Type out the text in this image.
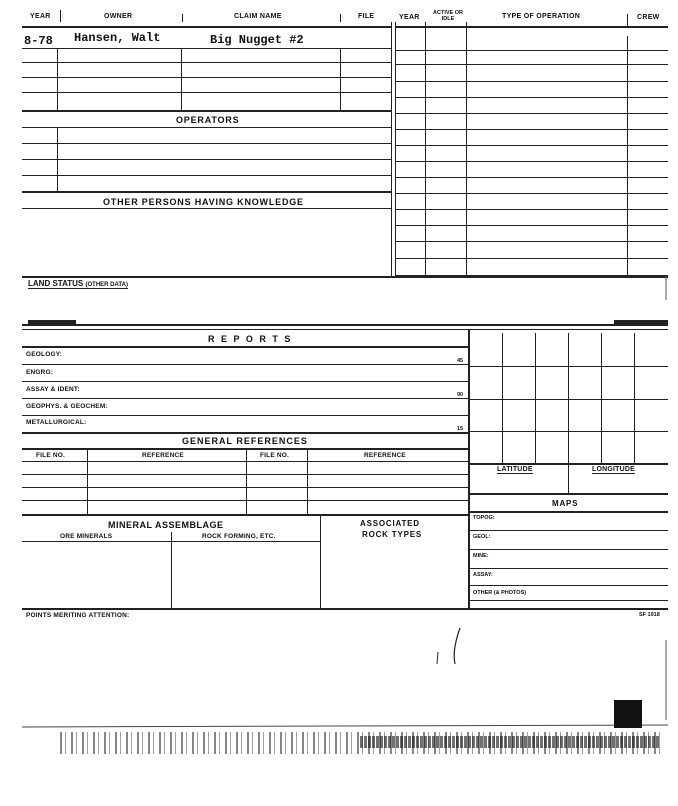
YEAR	OWNER	CLAIM NAME	FILE	YEAR
ACTIVE OR IDLE	TYPE OF OPERATION	CREW
8-78 Hansen, Walt	Big Nugget #2
OPERATORS
OTHER PERSONS HAVING KNOWLEDGE
LAND STATUS (OTHER DATA)
R E P O R T S
GEOLOGY:
45
ENGRG:
ASSAY & IDENT:
90
GEOPHYS. & GEOCHEM:
METALLURGICAL:
15
GENERAL REFERENCES
FILE NO.	REFERENCE	FILE NO.	REFERENCE
LATITUDE	LONGITUDE
MAPS
TOPOG:
GEOL:
MINE:
ASSAY:
OTHER (& PHOTOS)
MINERAL ASSEMBLAGE
ORE MINERALS	ROCK FORMING, ETC.
ASSOCIATED
ROCK TYPES
POINTS MERITING ATTENTION:	SF 1918
